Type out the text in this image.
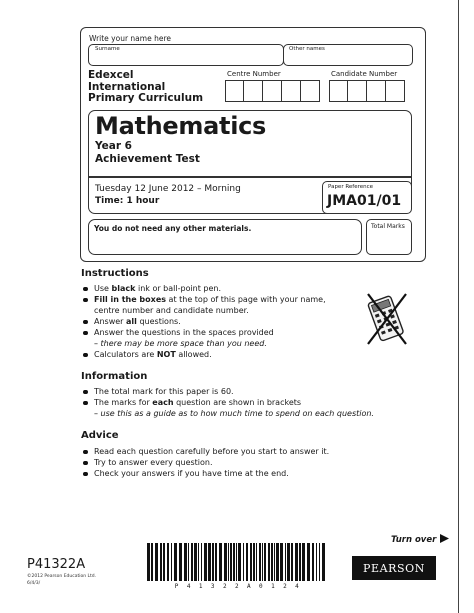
Write your name here
Surname	Other names
Edexcel
International
Primary Curriculum
Centre Number	Candidate Number
Mathematics
Year 6
Achievement Test
Tuesday 12 June 2012 – Morning
Time: 1 hour
Paper Reference
JMA01/01
You do not need any other materials.	Total Marks
Instructions
Use black ink or ball-point pen.
Fill in the boxes at the top of this page with your name,
centre number and candidate number.
Answer all questions.
Answer the questions in the spaces provided
– there may be more space than you need.
Calculators are NOT allowed.
Information
The total mark for this paper is 60.
The marks for each question are shown in brackets
– use this as a guide as to how much time to spend on each question.
Advice
Read each question carefully before you start to answer it.
Try to answer every question.
Check your answers if you have time at the end.
Turn over
P41322A
©2012 Pearson Education Ltd.
6/4/3/	P  4  1  3  2  2  A  0  1  2  4
PEARSON
